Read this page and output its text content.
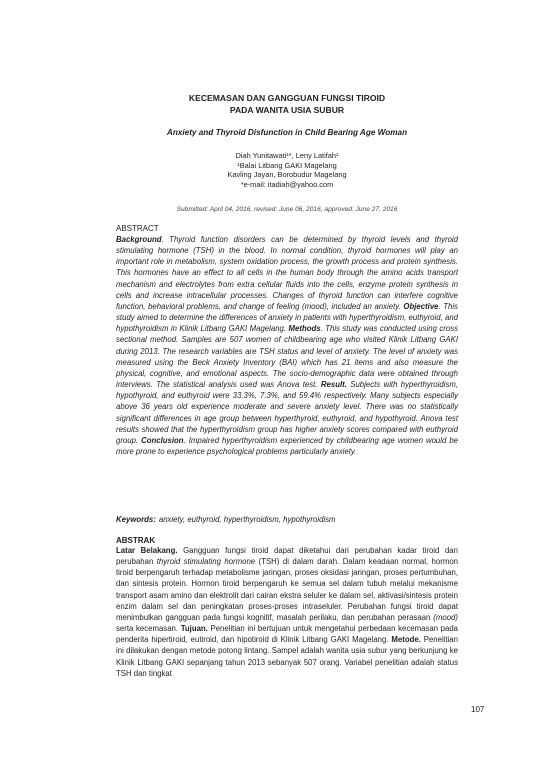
KECEMASAN DAN GANGGUAN FUNGSI TIROID
PADA WANITA USIA SUBUR
Anxiety and Thyroid Disfunction in Child Bearing Age Woman
Diah Yunitawati¹*, Leny Latifah¹
¹Balai Litbang GAKI Magelang
Kavling Jayan, Borobudur Magelang
*e-mail: itadiah@yahoo.com
Submitted: April 04, 2016, revised: June 06, 2016, approved: June 27, 2016
ABSTRACT
Background. Thyroid function disorders can be determined by thyroid levels and thyroid stimulating hormone (TSH) in the blood. In normal condition, thyroid hormones will play an important role in metabolism, system oxidation process, the growth process and protein synthesis. This hormones have an effect to all cells in the human body through the amino acids transport mechanism and electrolytes from extra cellular fluids into the cells, enzyme protein synthesis in cells and increase intracellular processes. Changes of thyroid function can interfere cognitive function, behavioral problems, and change of feeling (mood), included an anxiety. Objective. This study aimed to determine the differences of anxiety in patients with hyperthyroidism, euthyroid, and hypothyroidism in Klinik Litbang GAKI Magelang. Methods. This study was conducted using cross sectional method. Samples are 507 women of childbearing age who visited Klinik Litbang GAKI during 2013. The research variables are TSH status and level of anxiety. The level of anxiety was measured using the Beck Anxiety Inventory (BAI) which has 21 items and also measure the physical, cognitive, and emotional aspects. The socio-demographic data were obtained through interviews. The statistical analysis used was Anova test. Result. Subjects with hyperthyroidism, hypothyroid, and euthyroid were 33.3%, 7.3%, and 59.4% respectively. Many subjects especially above 36 years old experience moderate and severe anxiety level. There was no statistically significant differences in age group between hyperthyroid, euthyroid, and hypothyroid. Anova test results showed that the hyperthyroidism group has higher anxiety scores compared with euthyroid group. Conclusion. Impaired hyperthyroidism experienced by childbearing age women would be more prone to experience psychological problems particularly anxiety.
Keywords: anxiety, euthyroid, hyperthyroidism, hypothyroidism
ABSTRAK
Latar Belakang. Gangguan fungsi tiroid dapat diketahui dari perubahan kadar tiroid dan perubahan thyroid stimulating hormone (TSH) di dalam darah. Dalam keadaan normal, hormon tiroid berpengaruh terhadap metabolisme jaringan, proses oksidasi jaringan, proses pertumbuhan, dan sintesis protein. Hormon tiroid berpengaruh ke semua sel dalam tubuh melalui mekanisme transport asam amino dan elektrolit dari cairan ekstra seluler ke dalam sel, aktivasi/sintesis protein enzim dalam sel dan peningkatan proses-proses intraseluler. Perubahan fungsi tiroid dapat menimbulkan gangguan pada fungsi kognitif, masalah perilaku, dan perubahan perasaan (mood) serta kecemasan. Tujuan. Penelitian ini bertujuan untuk mengetahui perbedaan kecemasan pada penderita hipertiroid, eutiroid, dan hipotiroid di Klinik Litbang GAKI Magelang. Metode. Penelitian ini dilakukan dengan metode potong lintang. Sampel adalah wanita usia subur yang berkunjung ke Klinik Litbang GAKI sepanjang tahun 2013 sebanyak 507 orang. Variabel penelitian adalah status TSH dan tingkat
107
